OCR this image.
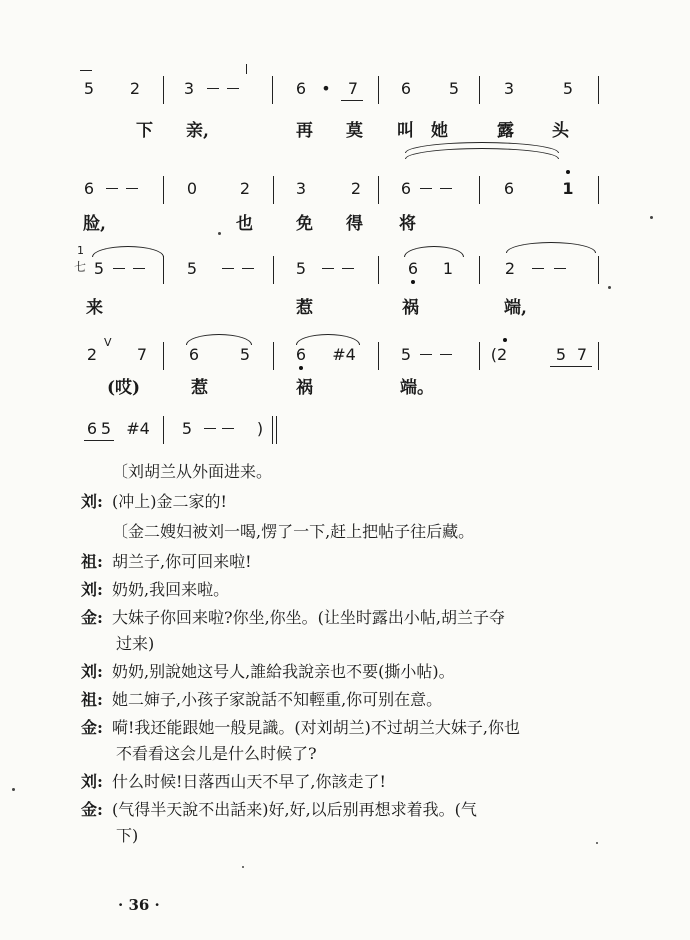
5 2	3	6 • 7	6 5	3	5
下 亲,	再 莫 叫 她	露 头
6	0	2	3	2 6	6	1
脸,	也	免 得 将
1
七 5	5	5	6 1	2
来	惹	祸	端,
V
2 7	6	5	6 #4	5	(2	5 7
(哎)	惹	祸	端。
6 5 #4 5	)
〔刘胡兰从外面进来。
刘: (冲上)金二家的!
〔金二嫂妇被刘一喝,愣了一下,赶上把帖子往后藏。
祖: 胡兰子,你可回来啦!
刘: 奶奶,我回来啦。
金: 大妹子你回来啦?你坐,你坐。(让坐时露出小帖,胡兰子夺
过来)
刘: 奶奶,别說她这号人,誰給我說亲也不要(撕小帖)。
祖: 她二婶子,小孩子家說話不知輕重,你可别在意。
金: 嗬!我还能跟她一般見識。(对刘胡兰)不过胡兰大妹子,你也
不看看这会儿是什么时候了?
刘: 什么时候!日落西山天不早了,你該走了!
金: (气得半天說不出話来)好,好,以后别再想求着我。(气
下)
· 36 ·
